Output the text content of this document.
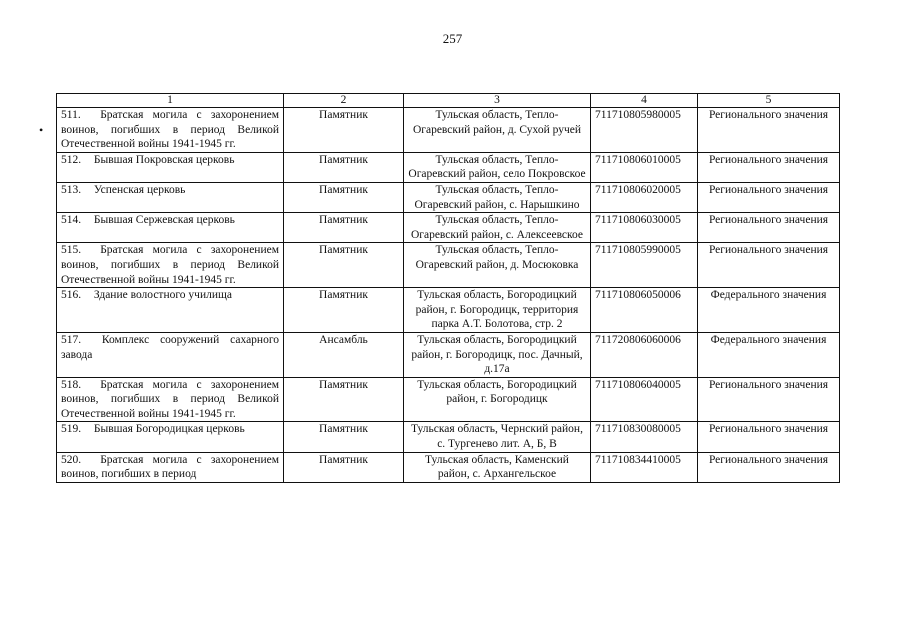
257
•
1	2	3	4	5
511. Братская могила с захоронением воинов, погибших в период Великой Отечественной войны 1941-1945 гг.	Памятник	Тульская область, Тепло-Огаревский район, д. Сухой ручей	711710805980005	Регионального значения
512. Бывшая Покровская церковь	Памятник	Тульская область, Тепло-Огаревский район, село Покровское	711710806010005	Регионального значения
513. Успенская церковь	Памятник	Тульская область, Тепло-Огаревский район, с. Нарышкино	711710806020005	Регионального значения
514. Бывшая Сержевская церковь	Памятник	Тульская область, Тепло-Огаревский район, с. Алексеевское	711710806030005	Регионального значения
515. Братская могила с захоронением воинов, погибших в период Великой Отечественной войны 1941-1945 гг.	Памятник	Тульская область, Тепло-Огаревский район, д. Мосюковка	711710805990005	Регионального значения
516. Здание волостного училища	Памятник	Тульская область, Богородицкий район, г. Богородицк, территория парка А.Т. Болотова, стр. 2	711710806050006	Федерального значения
517. Комплекс сооружений сахарного завода	Ансамбль	Тульская область, Богородицкий район, г. Богородицк, пос. Дачный, д.17а	711720806060006	Федерального значения
518. Братская могила с захоронением воинов, погибших в период Великой Отечественной войны 1941-1945 гг.	Памятник	Тульская область, Богородицкий район, г. Богородицк	711710806040005	Регионального значения
519. Бывшая Богородицкая церковь	Памятник	Тульская область, Чернский район, с. Тургенево лит. А, Б, В	711710830080005	Регионального значения
520. Братская могила с захоронением воинов, погибших в период	Памятник	Тульская область, Каменский район, с. Архангельское	711710834410005	Регионального значения
